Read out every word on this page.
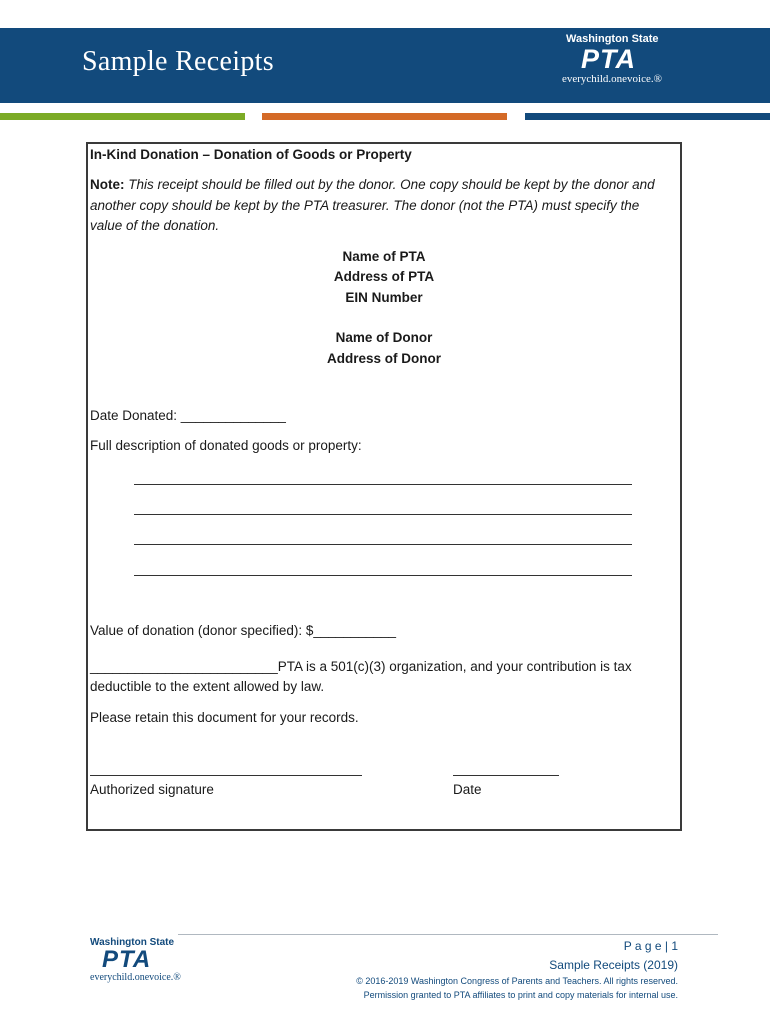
Sample Receipts
Washington State
PTA
everychild.onevoice.®
In-Kind Donation – Donation of Goods or Property
Note: This receipt should be filled out by the donor. One copy should be kept by the donor and another copy should be kept by the PTA treasurer. The donor (not the PTA) must specify the value of the donation.
Name of PTA
Address of PTA
EIN Number
Name of Donor
Address of Donor
Date Donated: ______________
Full description of donated goods or property:
Value of donation (donor specified): $___________
_________________________PTA is a 501(c)(3) organization, and your contribution is tax
deductible to the extent allowed by law.
Please retain this document for your records.
Authorized signature	Date
Washington State
PTA
everychild.onevoice.®
P a g e | 1
Sample Receipts (2019)
© 2016-2019 Washington Congress of Parents and Teachers. All rights reserved.
Permission granted to PTA affiliates to print and copy materials for internal use.
